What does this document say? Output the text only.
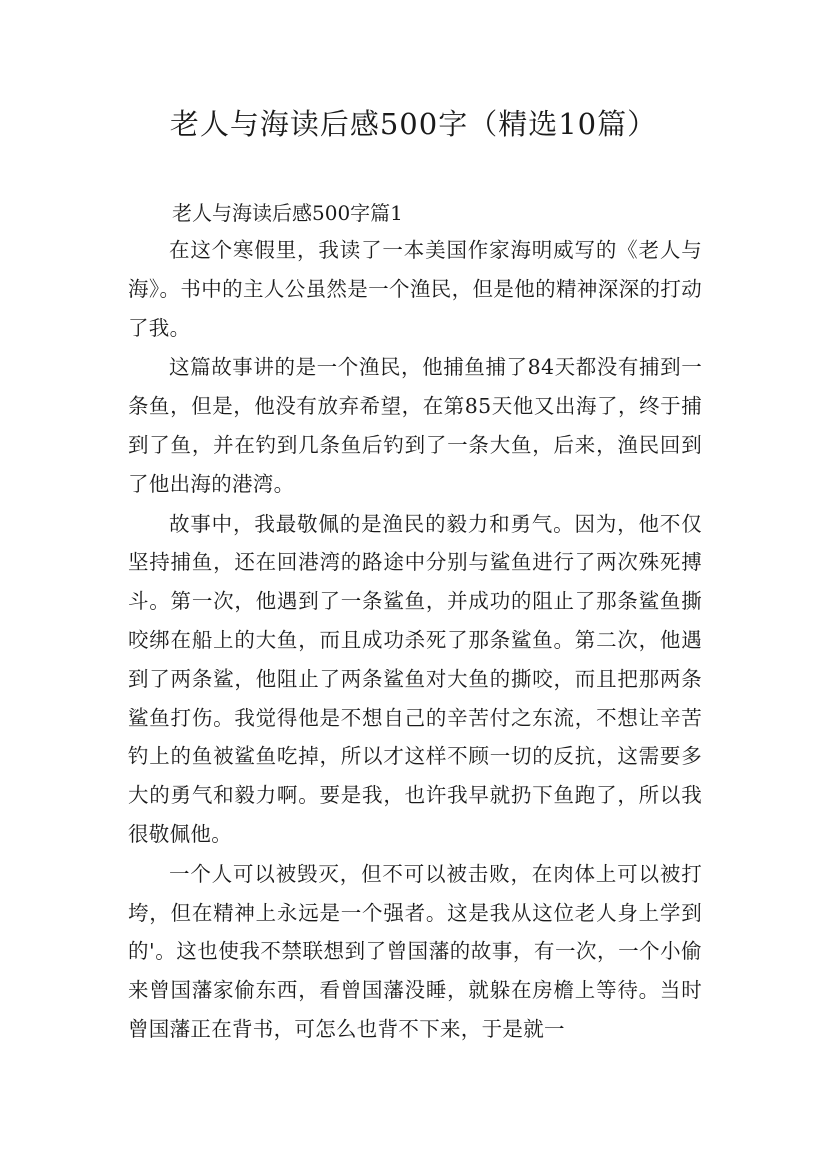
老人与海读后感500字（精选10篇）
老人与海读后感500字篇1

在这个寒假里，我读了一本美国作家海明威写的《老人与海》。书中的主人公虽然是一个渔民，但是他的精神深深的打动了我。

这篇故事讲的是一个渔民，他捕鱼捕了84天都没有捕到一条鱼，但是，他没有放弃希望，在第85天他又出海了，终于捕到了鱼，并在钓到几条鱼后钓到了一条大鱼，后来，渔民回到了他出海的港湾。

故事中，我最敬佩的是渔民的毅力和勇气。因为，他不仅坚持捕鱼，还在回港湾的路途中分别与鲨鱼进行了两次殊死搏斗。第一次，他遇到了一条鲨鱼，并成功的阻止了那条鲨鱼撕咬绑在船上的大鱼，而且成功杀死了那条鲨鱼。第二次，他遇到了两条鲨，他阻止了两条鲨鱼对大鱼的撕咬，而且把那两条鲨鱼打伤。我觉得他是不想自己的辛苦付之东流，不想让辛苦钓上的鱼被鲨鱼吃掉，所以才这样不顾一切的反抗，这需要多大的勇气和毅力啊。要是我，也许我早就扔下鱼跑了，所以我很敬佩他。

一个人可以被毁灭，但不可以被击败，在肉体上可以被打垮，但在精神上永远是一个强者。这是我从这位老人身上学到的'。这也使我不禁联想到了曾国藩的故事，有一次，一个小偷来曾国藩家偷东西，看曾国藩没睡，就躲在房檐上等待。当时曾国藩正在背书，可怎么也背不下来，于是就一
